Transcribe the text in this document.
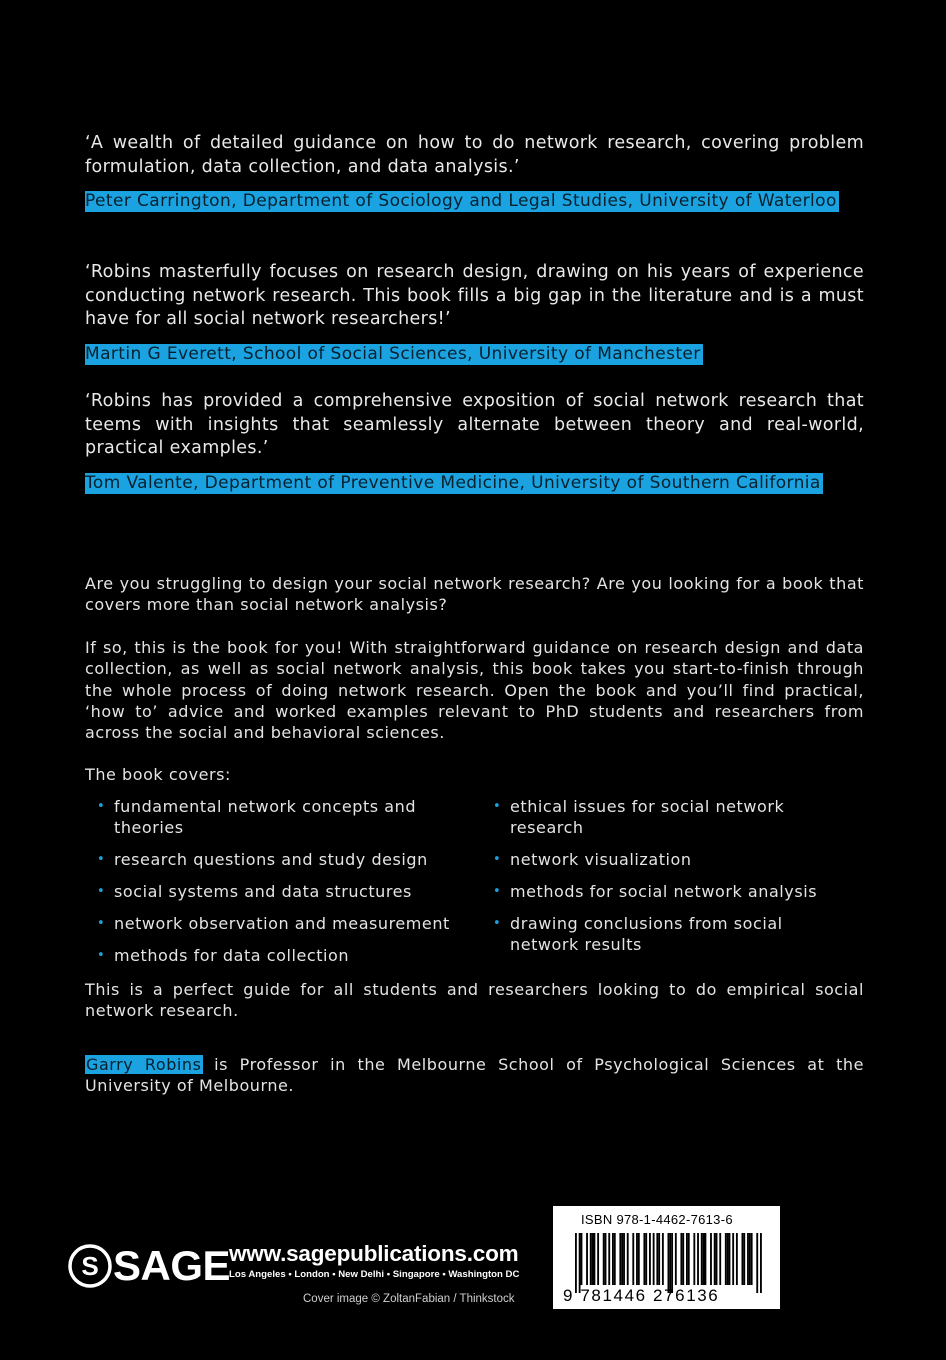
‘A wealth of detailed guidance on how to do network research, covering problem formulation, data collection, and data analysis.’
Peter Carrington, Department of Sociology and Legal Studies, University of Waterloo
‘Robins masterfully focuses on research design, drawing on his years of experience conducting network research. This book fills a big gap in the literature and is a must have for all social network researchers!’
Martin G Everett, School of Social Sciences, University of Manchester
‘Robins has provided a comprehensive exposition of social network research that teems with insights that seamlessly alternate between theory and real-world, practical examples.’
Tom Valente, Department of Preventive Medicine, University of Southern California
Are you struggling to design your social network research? Are you looking for a book that covers more than social network analysis?
If so, this is the book for you! With straightforward guidance on research design and data collection, as well as social network analysis, this book takes you start-to-finish through the whole process of doing network research. Open the book and you’ll find practical, ‘how to’ advice and worked examples relevant to PhD students and researchers from across the social and behavioral sciences.
The book covers:
• fundamental network concepts and theories
• research questions and study design
• social systems and data structures
• network observation and measurement
• methods for data collection
• ethical issues for social network research
• network visualization
• methods for social network analysis
• drawing conclusions from social network results
This is a perfect guide for all students and researchers looking to do empirical social network research.
Garry Robins is Professor in the Melbourne School of Psychological Sciences at the University of Melbourne.
S SAGE
www.sagepublications.com
Los Angeles • London • New Delhi • Singapore • Washington DC
Cover image © ZoltanFabian / Thinkstock
ISBN 978-1-4462-7613-6
9 781446 276136
